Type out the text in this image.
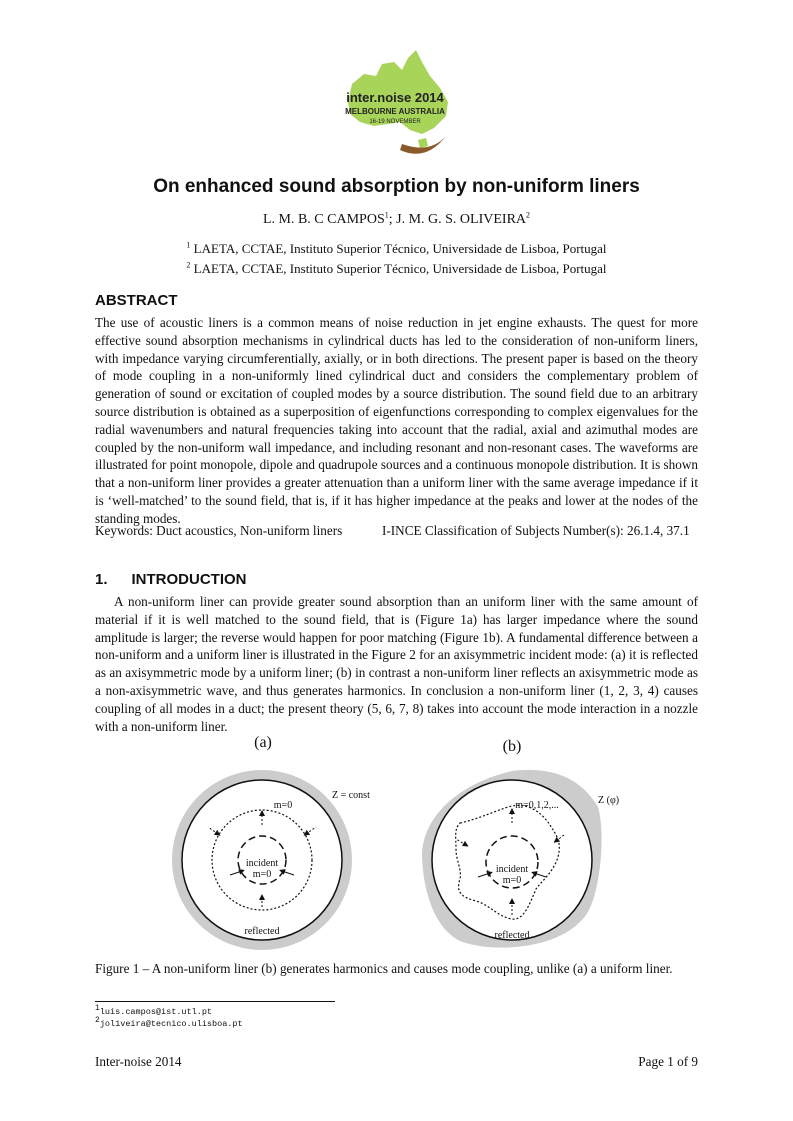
inter.noise 2014
MELBOURNE AUSTRALIA
16-19 NOVEMBER
On enhanced sound absorption by non-uniform liners
L. M. B. C CAMPOS$^1$; J. M. G. S. OLIVEIRA$^2$
$^1$ LAETA, CCTAE, Instituto Superior Técnico, Universidade de Lisboa, Portugal
$^2$ LAETA, CCTAE, Instituto Superior Técnico, Universidade de Lisboa, Portugal
ABSTRACT

The use of acoustic liners is a common means of noise reduction in jet engine exhausts. The quest for more effective sound absorption mechanisms in cylindrical ducts has led to the consideration of non-uniform liners, with impedance varying circumferentially, axially, or in both directions. The present paper is based on the theory of mode coupling in a non-uniformly lined cylindrical duct and considers the complementary problem of generation of sound or excitation of coupled modes by a source distribution. The sound field due to an arbitrary source distribution is obtained as a superposition of eigenfunctions corresponding to complex eigenvalues for the radial wavenumbers and natural frequencies taking into account that the radial, axial and azimuthal modes are coupled by the non-uniform wall impedance, and including resonant and non-resonant cases. The waveforms are illustrated for point monopole, dipole and quadrupole sources and a continuous monopole distribution. It is shown that a non-uniform liner provides a greater attenuation than a uniform liner with the same average impedance if it is ‘well-matched’ to the sound field, that is, if it has higher impedance at the peaks and lower at the nodes of the standing modes.

Keywords: Duct acoustics, Non-uniform liners	I-INCE Classification of Subjects Number(s): 26.1.4, 37.1
1. INTRODUCTION

A non-uniform liner can provide greater sound absorption than an uniform liner with the same amount of material if it is well matched to the sound field, that is (Figure 1a) has larger impedance where the sound amplitude is larger; the reverse would happen for poor matching (Figure 1b). A fundamental difference between a non-uniform and a uniform liner is illustrated in the Figure 2 for an axisymmetric incident mode: (a) it is reflected as an axisymmetric mode by a uniform liner; (b) in contrast a non-uniform liner reflects an axisymmetric mode as a non-axisymmetric wave, and thus generates harmonics. In conclusion a non-uniform liner (1, 2, 3, 4) causes coupling of all modes in a duct; the present theory (5, 6, 7, 8) takes into account the mode interaction in a nozzle with a non-uniform liner.

(a)
Z = const
m=0
incident
m=0
reflected
(b)
Z (φ)
m=0,1,2,...
incident
m=0
reflected
Figure 1 – A non-uniform liner (b) generates harmonics and causes mode coupling, unlike (a) a uniform liner.
$^1$luis.campos@ist.utl.pt
$^2$jol1veira@tecnico.ulisboa.pt
Inter-noise 2014	Page 1 of 9
